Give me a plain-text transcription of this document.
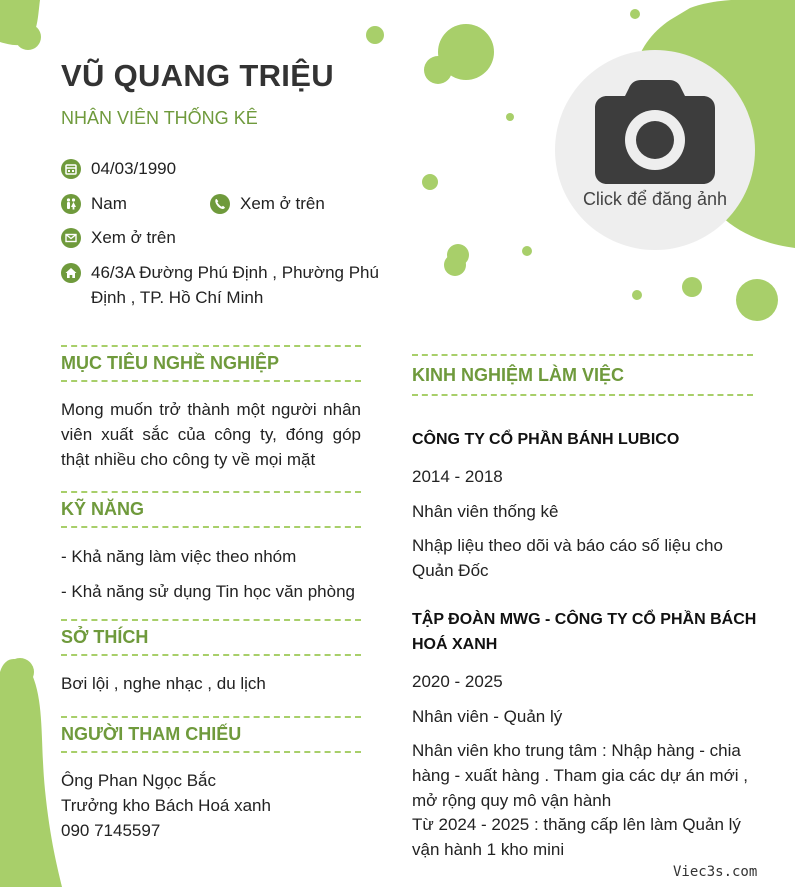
VŨ QUANG TRIỆU
NHÂN VIÊN THỐNG KÊ
04/03/1990
Nam	Xem ở trên
Xem ở trên
46/3A Đường Phú Định , Phường Phú Định , TP. Hồ Chí Minh
Click để đăng ảnh
MỤC TIÊU NGHỀ NGHIỆP
Mong muốn trở thành một người nhân viên xuất sắc của công ty, đóng góp thật nhiều cho công ty về mọi mặt
KỸ NĂNG
- Khả năng làm việc theo nhóm
- Khả năng sử dụng Tin học văn phòng
SỞ THÍCH
Bơi lội , nghe nhạc , du lịch
NGƯỜI THAM CHIẾU
Ông Phan Ngọc Bắc
Trưởng kho Bách Hoá xanh
090 7145597
KINH NGHIỆM LÀM VIỆC
CÔNG TY CỔ PHẦN BÁNH LUBICO
2014 - 2018
Nhân viên thống kê
Nhập liệu theo dõi và báo cáo số liệu cho Quản Đốc
TẬP ĐOÀN MWG - CÔNG TY CỔ PHẦN BÁCH HOÁ XANH
2020 - 2025
Nhân viên - Quản lý
Nhân viên kho trung tâm : Nhập hàng - chia hàng - xuất hàng . Tham gia các dự án mới , mở rộng quy mô vận hành
Từ 2024 - 2025 : thăng cấp lên làm Quản lý vận hành 1 kho mini
Viec3s.com
